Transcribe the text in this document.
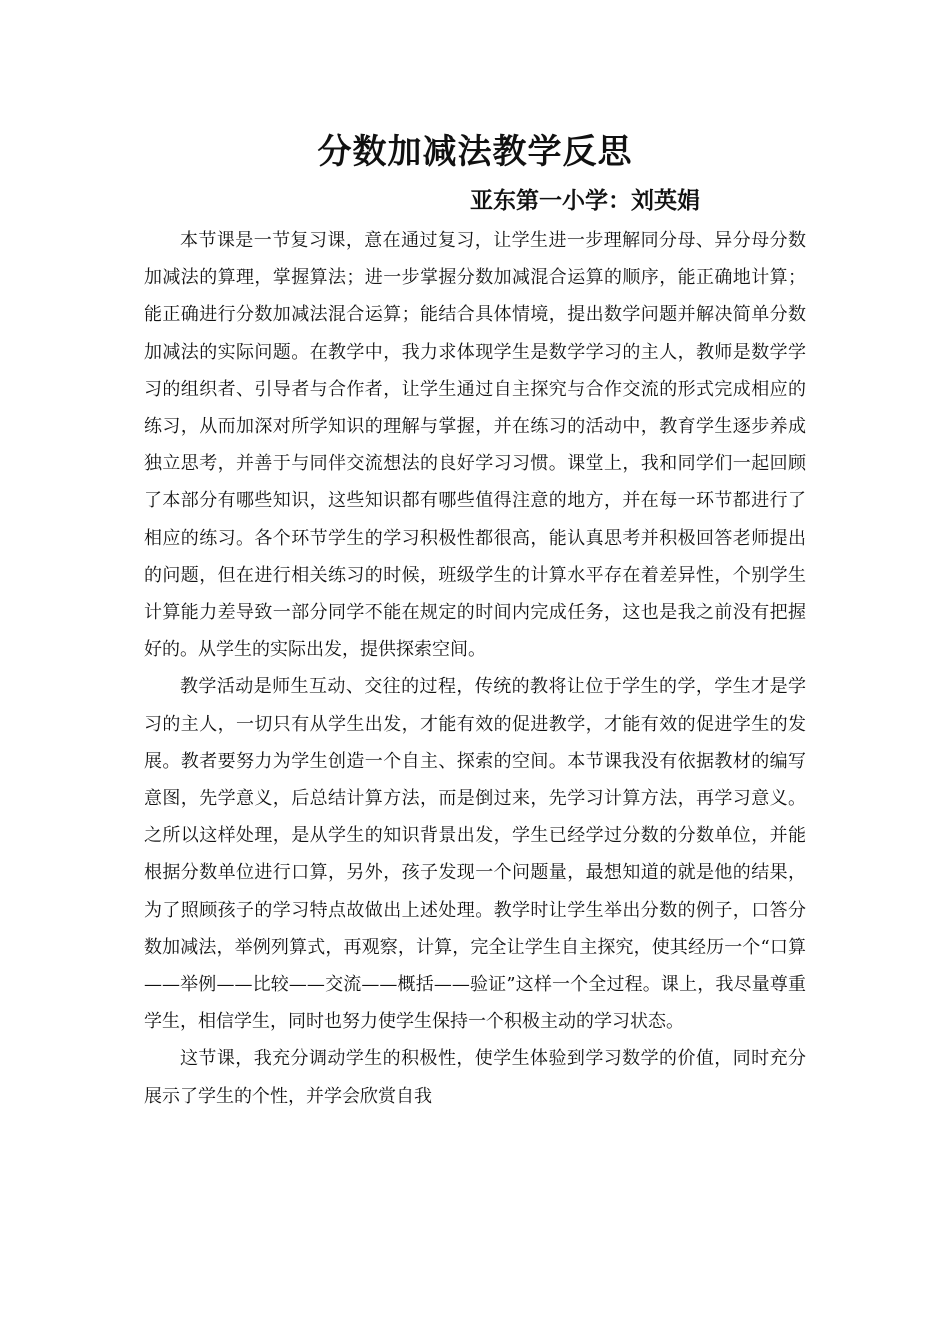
分数加减法教学反思
亚东第一小学：刘英娟

本节课是一节复习课，意在通过复习，让学生进一步理解同分母、异分母分数加减法的算理，掌握算法；进一步掌握分数加减混合运算的顺序，能正确地计算；能正确进行分数加减法混合运算；能结合具体情境，提出数学问题并解决简单分数加减法的实际问题。在教学中，我力求体现学生是数学学习的主人，教师是数学学习的组织者、引导者与合作者，让学生通过自主探究与合作交流的形式完成相应的练习，从而加深对所学知识的理解与掌握，并在练习的活动中，教育学生逐步养成独立思考，并善于与同伴交流想法的良好学习习惯。课堂上，我和同学们一起回顾了本部分有哪些知识，这些知识都有哪些值得注意的地方，并在每一环节都进行了相应的练习。各个环节学生的学习积极性都很高，能认真思考并积极回答老师提出的问题，但在进行相关练习的时候，班级学生的计算水平存在着差异性，个别学生计算能力差导致一部分同学不能在规定的时间内完成任务，这也是我之前没有把握好的。从学生的实际出发，提供探索空间。

教学活动是师生互动、交往的过程，传统的教将让位于学生的学，学生才是学习的主人，一切只有从学生出发，才能有效的促进教学，才能有效的促进学生的发展。教者要努力为学生创造一个自主、探索的空间。本节课我没有依据教材的编写意图，先学意义，后总结计算方法，而是倒过来，先学习计算方法，再学习意义。之所以这样处理，是从学生的知识背景出发，学生已经学过分数的分数单位，并能根据分数单位进行口算，另外，孩子发现一个问题量，最想知道的就是他的结果，为了照顾孩子的学习特点故做出上述处理。教学时让学生举出分数的例子，口答分数加减法，举例列算式，再观察，计算，完全让学生自主探究，使其经历一个“口算——举例——比较——交流——概括——验证”这样一个全过程。课上，我尽量尊重学生，相信学生，同时也努力使学生保持一个积极主动的学习状态。

这节课，我充分调动学生的积极性，使学生体验到学习数学的价值，同时充分展示了学生的个性，并学会欣赏自我
